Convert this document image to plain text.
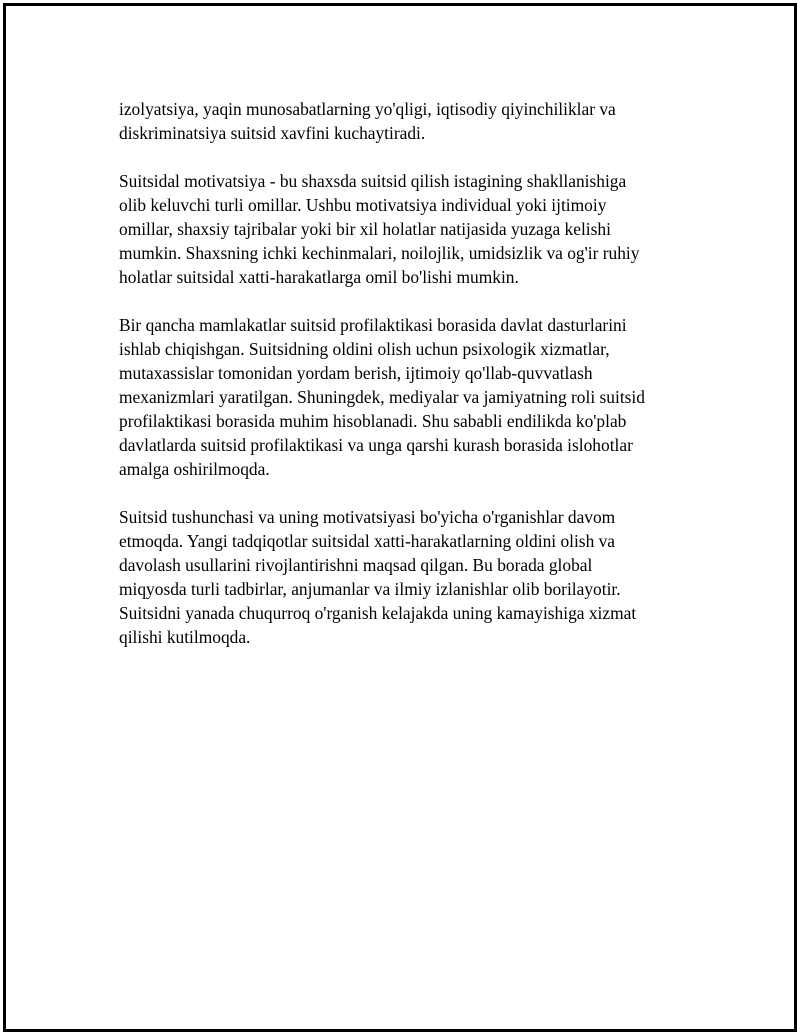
izolyatsiya, yaqin munosabatlarning yo'qligi, iqtisodiy qiyinchiliklar va
diskriminatsiya suitsid xavfini kuchaytiradi.

Suitsidal motivatsiya - bu shaxsda suitsid qilish istagining shakllanishiga
olib keluvchi turli omillar. Ushbu motivatsiya individual yoki ijtimoiy
omillar, shaxsiy tajribalar yoki bir xil holatlar natijasida yuzaga kelishi
mumkin. Shaxsning ichki kechinmalari, noilojlik, umidsizlik va og'ir ruhiy
holatlar suitsidal xatti-harakatlarga omil bo'lishi mumkin.

Bir qancha mamlakatlar suitsid profilaktikasi borasida davlat dasturlarini
ishlab chiqishgan. Suitsidning oldini olish uchun psixologik xizmatlar,
mutaxassislar tomonidan yordam berish, ijtimoiy qo'llab-quvvatlash
mexanizmlari yaratilgan. Shuningdek, mediyalar va jamiyatning roli suitsid
profilaktikasi borasida muhim hisoblanadi. Shu sababli endilikda ko'plab
davlatlarda suitsid profilaktikasi va unga qarshi kurash borasida islohotlar
amalga oshirilmoqda.

Suitsid tushunchasi va uning motivatsiyasi bo'yicha o'rganishlar davom
etmoqda. Yangi tadqiqotlar suitsidal xatti-harakatlarning oldini olish va
davolash usullarini rivojlantirishni maqsad qilgan. Bu borada global
miqyosda turli tadbirlar, anjumanlar va ilmiy izlanishlar olib borilayotir.
Suitsidni yanada chuqurroq o'rganish kelajakda uning kamayishiga xizmat
qilishi kutilmoqda.
